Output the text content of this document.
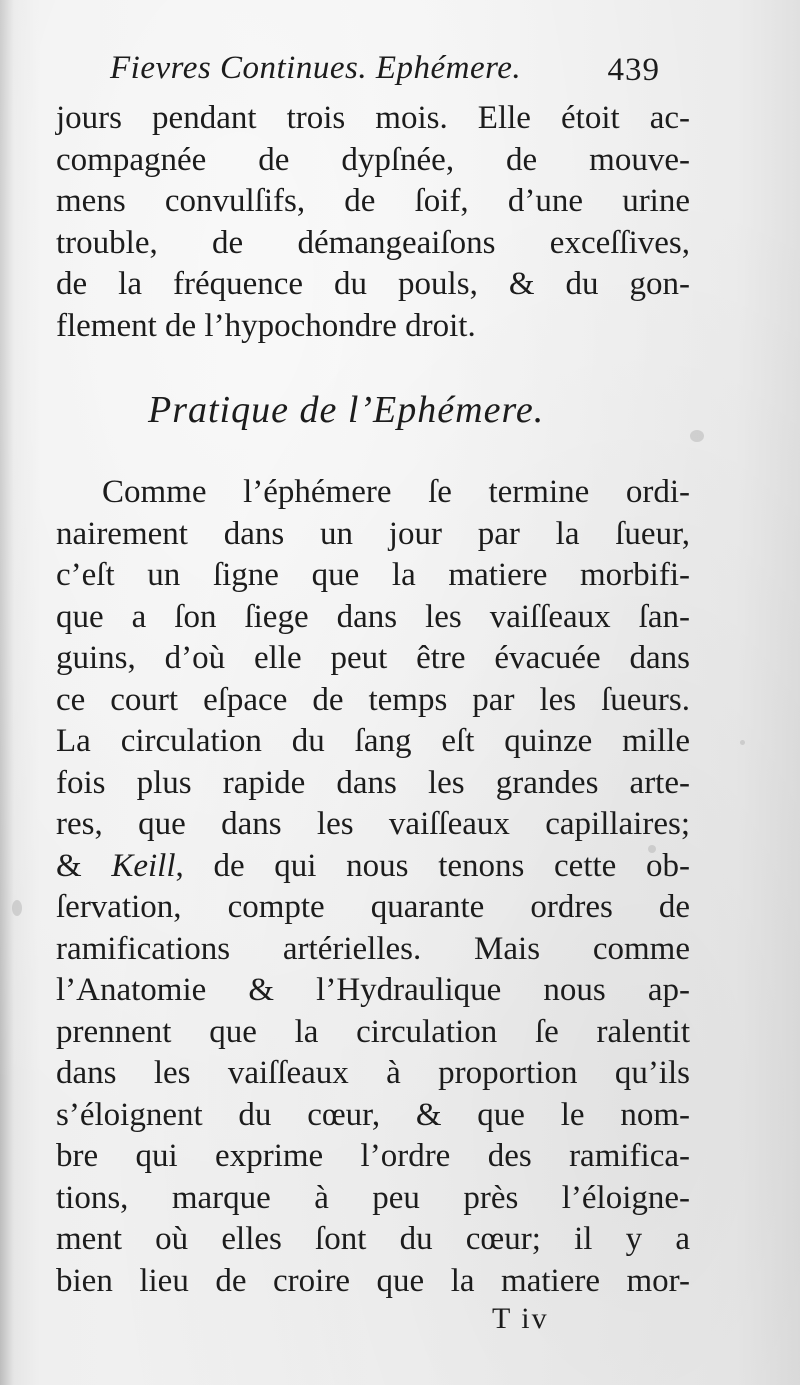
Fievres Continues. Ephémere.	439
jours pendant trois mois. Elle étoit ac-
compagnée de dypſnée, de mouve-
mens convulſifs, de ſoif, d’une urine
trouble, de démangeaiſons exceſſives,
de la fréquence du pouls, & du gon-
flement de l’hypochondre droit.
Pratique de l’Ephémere.
Comme l’éphémere ſe termine ordi-
nairement dans un jour par la ſueur,
c’eſt un ſigne que la matiere morbifi-
que a ſon ſiege dans les vaiſſeaux ſan-
guins, d’où elle peut être évacuée dans
ce court eſpace de temps par les ſueurs.
La circulation du ſang eſt quinze mille
fois plus rapide dans les grandes arte-
res, que dans les vaiſſeaux capillaires;
& Keill, de qui nous tenons cette ob-
ſervation, compte quarante ordres de
ramifications artérielles. Mais comme
l’Anatomie & l’Hydraulique nous ap-
prennent que la circulation ſe ralentit
dans les vaiſſeaux à proportion qu’ils
s’éloignent du cœur, & que le nom-
bre qui exprime l’ordre des ramifica-
tions, marque à peu près l’éloigne-
ment où elles ſont du cœur; il y a
bien lieu de croire que la matiere mor-
T iv
